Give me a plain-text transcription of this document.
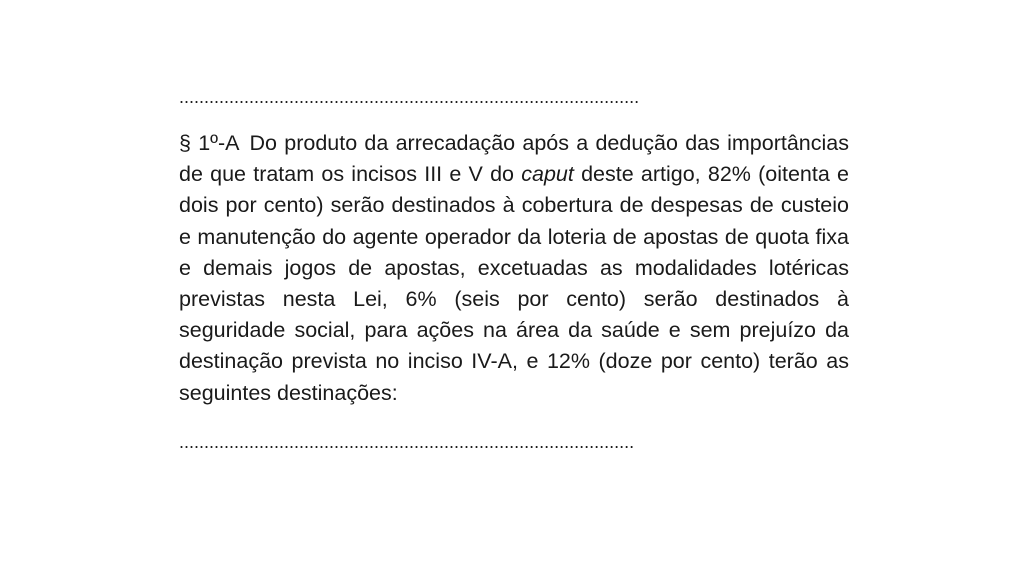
............................................................................................

§ 1º-A Do produto da arrecadação após a dedução das importâncias de que tratam os incisos III e V do caput deste artigo, 82% (oitenta e dois por cento) serão destinados à cobertura de despesas de custeio e manutenção do agente operador da loteria de apostas de quota fixa e demais jogos de apostas, excetuadas as modalidades lotéricas previstas nesta Lei, 6% (seis por cento) serão destinados à seguridade social, para ações na área da saúde e sem prejuízo da destinação prevista no inciso IV-A, e 12% (doze por cento) terão as seguintes destinações:

...........................................................................................
